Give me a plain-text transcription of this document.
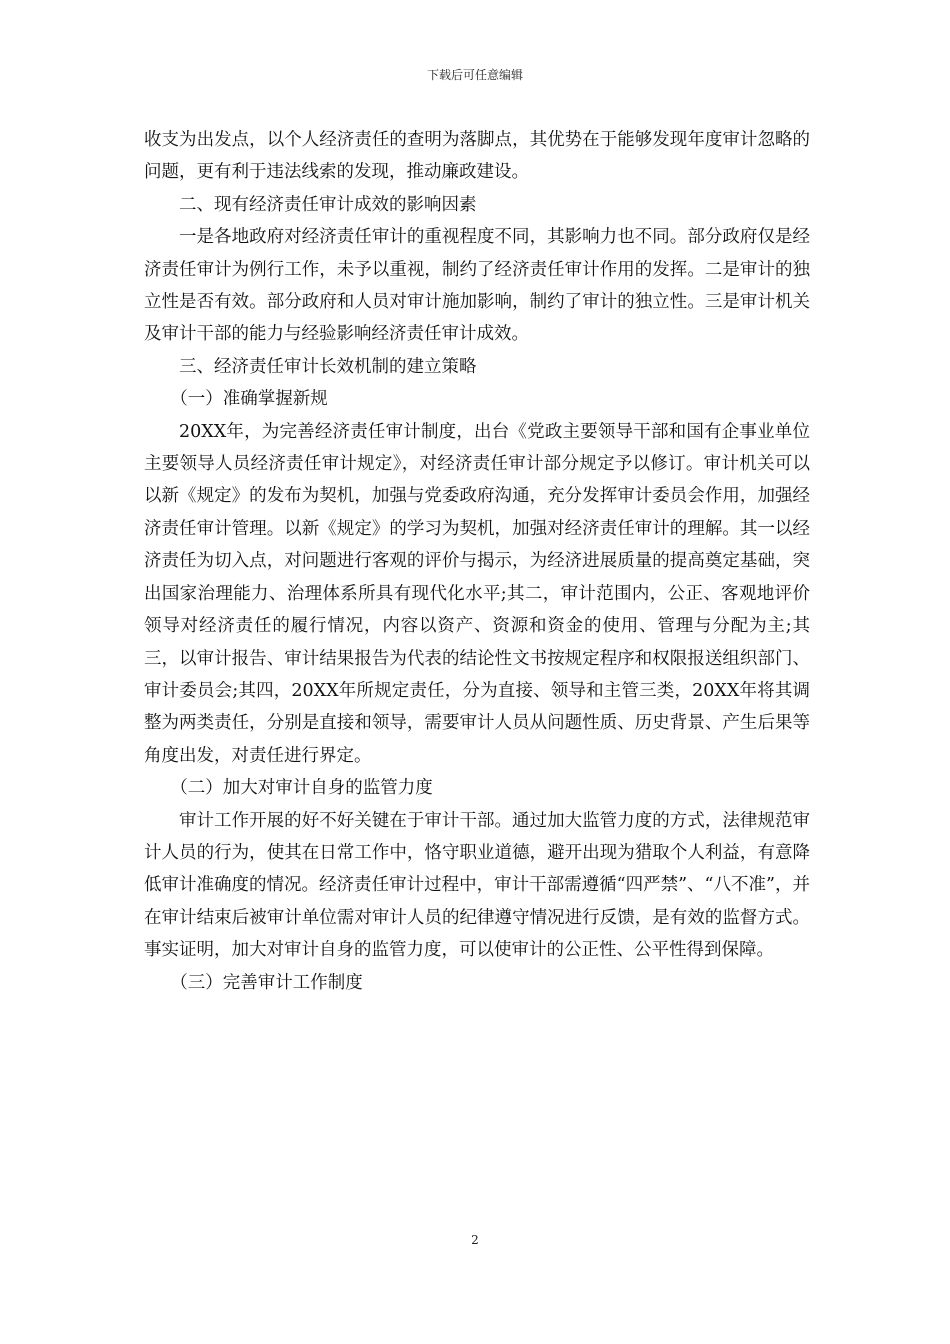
下载后可任意编辑

收支为出发点，以个人经济责任的查明为落脚点，其优势在于能够发现年度审计忽略的问题，更有利于违法线索的发现，推动廉政建设。

二、现有经济责任审计成效的影响因素

一是各地政府对经济责任审计的重视程度不同，其影响力也不同。部分政府仅是经济责任审计为例行工作，未予以重视，制约了经济责任审计作用的发挥。二是审计的独立性是否有效。部分政府和人员对审计施加影响，制约了审计的独立性。三是审计机关及审计干部的能力与经验影响经济责任审计成效。

三、经济责任审计长效机制的建立策略

（一）准确掌握新规

20XX年，为完善经济责任审计制度，出台《党政主要领导干部和国有企事业单位主要领导人员经济责任审计规定》，对经济责任审计部分规定予以修订。审计机关可以以新《规定》的发布为契机，加强与党委政府沟通，充分发挥审计委员会作用，加强经济责任审计管理。以新《规定》的学习为契机，加强对经济责任审计的理解。其一以经济责任为切入点，对问题进行客观的评价与揭示，为经济进展质量的提高奠定基础，突出国家治理能力、治理体系所具有现代化水平;其二，审计范围内，公正、客观地评价领导对经济责任的履行情况，内容以资产、资源和资金的使用、管理与分配为主;其三，以审计报告、审计结果报告为代表的结论性文书按规定程序和权限报送组织部门、审计委员会;其四，20XX年所规定责任，分为直接、领导和主管三类，20XX年将其调整为两类责任，分别是直接和领导，需要审计人员从问题性质、历史背景、产生后果等角度出发，对责任进行界定。

（二）加大对审计自身的监管力度

审计工作开展的好不好关键在于审计干部。通过加大监管力度的方式，法律规范审计人员的行为，使其在日常工作中，恪守职业道德，避开出现为猎取个人利益，有意降低审计准确度的情况。经济责任审计过程中，审计干部需遵循“四严禁”、“八不准”，并在审计结束后被审计单位需对审计人员的纪律遵守情况进行反馈，是有效的监督方式。事实证明，加大对审计自身的监管力度，可以使审计的公正性、公平性得到保障。

（三）完善审计工作制度

2
